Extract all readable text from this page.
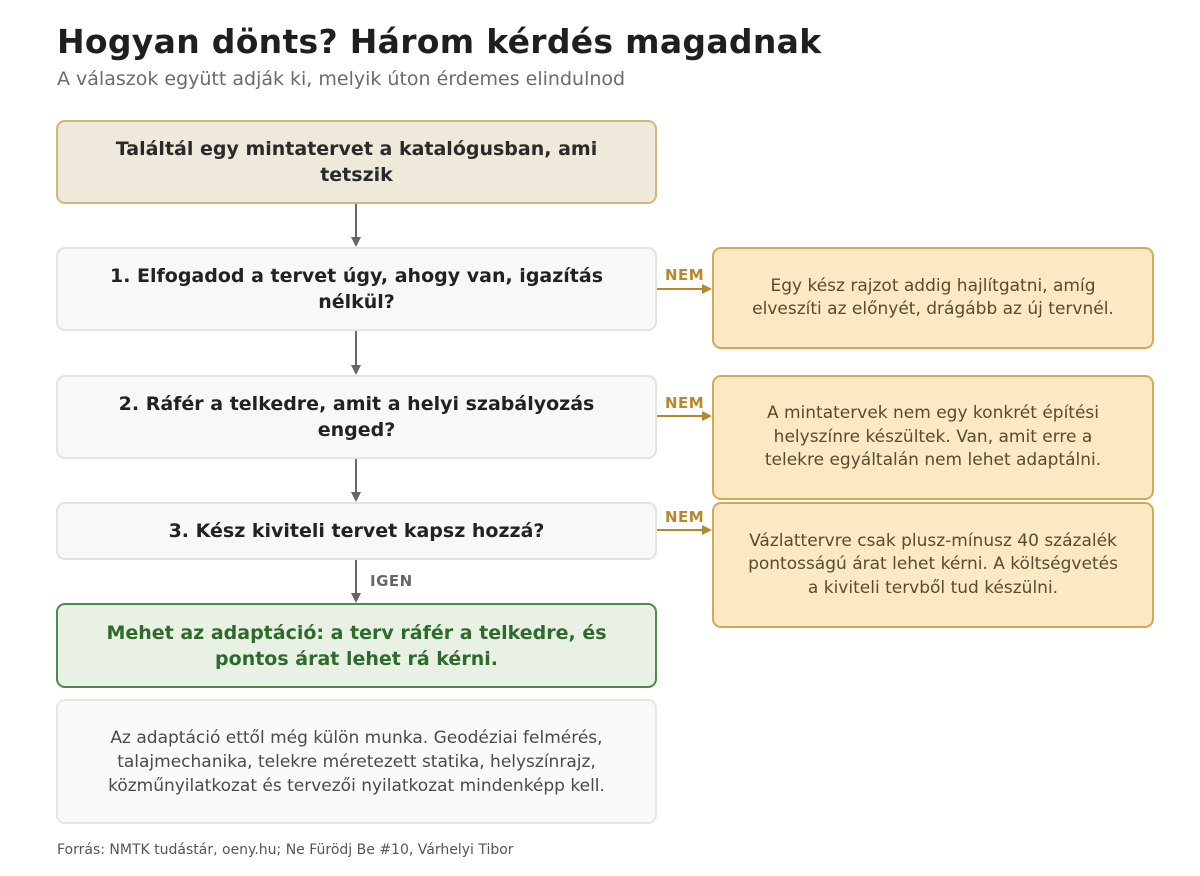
Hogyan dönts? Három kérdés magadnak
A válaszok együtt adják ki, melyik úton érdemes elindulnod
Találtál egy mintatervet a katalógusban, ami tetszik
1. Elfogadod a tervet úgy, ahogy van, igazítás nélkül?
2. Ráfér a telkedre, amit a helyi szabályozás enged?
3. Kész kiviteli tervet kapsz hozzá?
NEM
NEM
NEM
IGEN
Egy kész rajzot addig hajlítgatni, amíg elveszíti az előnyét, drágább az új tervnél.
A mintatervek nem egy konkrét építési helyszínre készültek. Van, amit erre a telekre egyáltalán nem lehet adaptálni.
Vázlattervre csak plusz-mínusz 40 százalék pontosságú árat lehet kérni. A költségvetés a kiviteli tervből tud készülni.
Mehet az adaptáció: a terv ráfér a telkedre, és pontos árat lehet rá kérni.
Az adaptáció ettől még külön munka. Geodéziai felmérés, talajmechanika, telekre méretezett statika, helyszínrajz, közműnyilatkozat és tervezői nyilatkozat mindenképp kell.
Forrás: NMTK tudástár, oeny.hu; Ne Fürödj Be #10, Várhelyi Tibor
